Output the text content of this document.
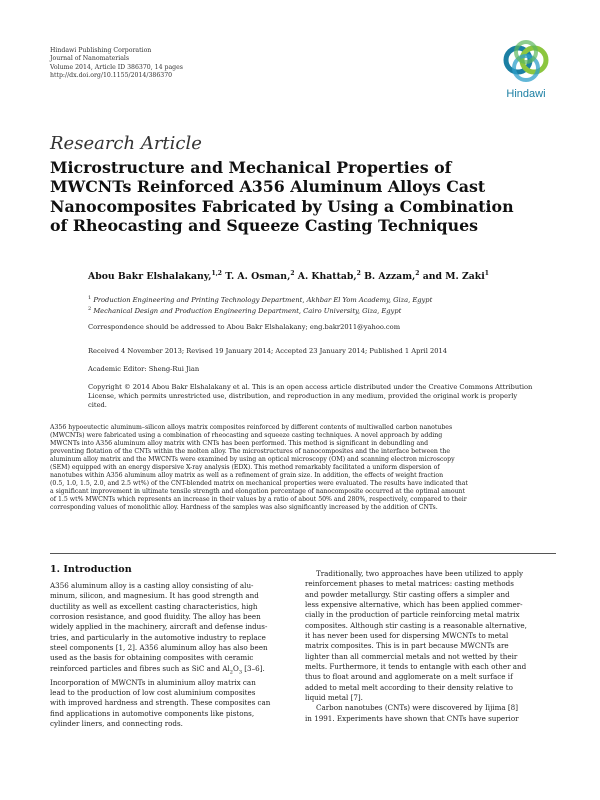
Hindawi Publishing Corporation
Journal of Nanomaterials
Volume 2014, Article ID 386370, 14 pages
http://dx.doi.org/10.1155/2014/386370
Hindawi
Research Article
Microstructure and Mechanical Properties of
MWCNTs Reinforced A356 Aluminum Alloys Cast
Nanocomposites Fabricated by Using a Combination
of Rheocasting and Squeeze Casting Techniques
Abou Bakr Elshalakany,$^{1,2}$ T. A. Osman,$^2$ A. Khattab,$^2$ B. Azzam,$^2$ and M. Zaki$^1$
$^1$ Production Engineering and Printing Technology Department, Akhbar El Yom Academy, Giza, Egypt
$^2$ Mechanical Design and Production Engineering Department, Cairo University, Giza, Egypt
Correspondence should be addressed to Abou Bakr Elshalakany; eng.bakr2011@yahoo.com
Received 4 November 2013; Revised 19 January 2014; Accepted 23 January 2014; Published 1 April 2014
Academic Editor: Sheng-Rui Jian
Copyright © 2014 Abou Bakr Elshalakany et al. This is an open access article distributed under the Creative Commons Attribution
License, which permits unrestricted use, distribution, and reproduction in any medium, provided the original work is properly
cited.
A356 hypoeutectic aluminum–silicon alloys matrix composites reinforced by different contents of multiwalled carbon nanotubes
(MWCNTs) were fabricated using a combination of rheocasting and squeeze casting techniques. A novel approach by adding
MWCNTs into A356 aluminum alloy matrix with CNTs has been performed. This method is significant in debundling and
preventing flotation of the CNTs within the molten alloy. The microstructures of nanocomposites and the interface between the
aluminum alloy matrix and the MWCNTs were examined by using an optical microscopy (OM) and scanning electron microscopy
(SEM) equipped with an energy dispersive X-ray analysis (EDX). This method remarkably facilitated a uniform dispersion of
nanotubes within A356 aluminum alloy matrix as well as a refinement of grain size. In addition, the effects of weight fraction
(0.5, 1.0, 1.5, 2.0, and 2.5 wt%) of the CNT-blended matrix on mechanical properties were evaluated. The results have indicated that
a significant improvement in ultimate tensile strength and elongation percentage of nanocomposite occurred at the optimal amount
of 1.5 wt% MWCNTs which represents an increase in their values by a ratio of about 50% and 280%, respectively, compared to their
corresponding values of monolithic alloy. Hardness of the samples was also significantly increased by the addition of CNTs.
1. Introduction
A356 aluminum alloy is a casting alloy consisting of alu-
minum, silicon, and magnesium. It has good strength and
ductility as well as excellent casting characteristics, high
corrosion resistance, and good fluidity. The alloy has been
widely applied in the machinery, aircraft and defense indus-
tries, and particularly in the automotive industry to replace
steel components [1, 2]. A356 aluminum alloy has also been
used as the basis for obtaining composites with ceramic
reinforced particles and fibres such as SiC and $Al_2O_3$ [3–6].
Incorporation of MWCNTs in aluminium alloy matrix can
lead to the production of low cost aluminium composites
with improved hardness and strength. These composites can
find applications in automotive components like pistons,
cylinder liners, and connecting rods.
Traditionally, two approaches have been utilized to apply
reinforcement phases to metal matrices: casting methods
and powder metallurgy. Stir casting offers a simpler and
less expensive alternative, which has been applied commer-
cially in the production of particle reinforcing metal matrix
composites. Although stir casting is a reasonable alternative,
it has never been used for dispersing MWCNTs to metal
matrix composites. This is in part because MWCNTs are
lighter than all commercial metals and not wetted by their
melts. Furthermore, it tends to entangle with each other and
thus to float around and agglomerate on a melt surface if
added to metal melt according to their density relative to
liquid metal [7].
Carbon nanotubes (CNTs) were discovered by Iijima [8]
in 1991. Experiments have shown that CNTs have superior
